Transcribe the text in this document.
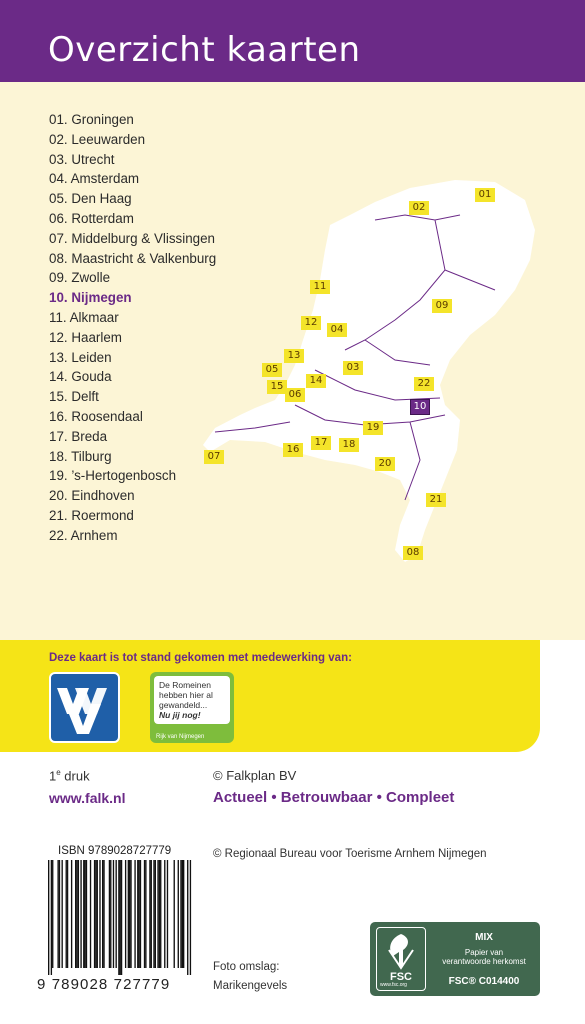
Overzicht kaarten
01. Groningen
02. Leeuwarden
03. Utrecht
04. Amsterdam
05. Den Haag
06. Rotterdam
07. Middelburg & Vlissingen
08. Maastricht & Valkenburg
09. Zwolle
10. Nijmegen
11. Alkmaar
12. Haarlem
13. Leiden
14. Gouda
15. Delft
16. Roosendaal
17. Breda
18. Tilburg
19. ’s-Hertogenbosch
20. Eindhoven
21. Roermond
22. Arnhem
01
02
03
04
05
06
07
08
09
10
11
12
13
14
15
16
17	18
19
20
21
22
Deze kaart is tot stand gekomen met medewerking van:
De Romeinen
hebben hier al
gewandeld...
Nu jij nog!
Rijk van Nijmegen
1e druk
www.falk.nl
© Falkplan BV
Actueel • Betrouwbaar • Compleet
ISBN 9789028727779
9 789028 727779
© Regionaal Bureau voor Toerisme Arnhem Nijmegen
Foto omslag:
Marikengevels
FSC
www.fsc.org
MIX
Papier van
verantwoorde herkomst
FSC® C014400
